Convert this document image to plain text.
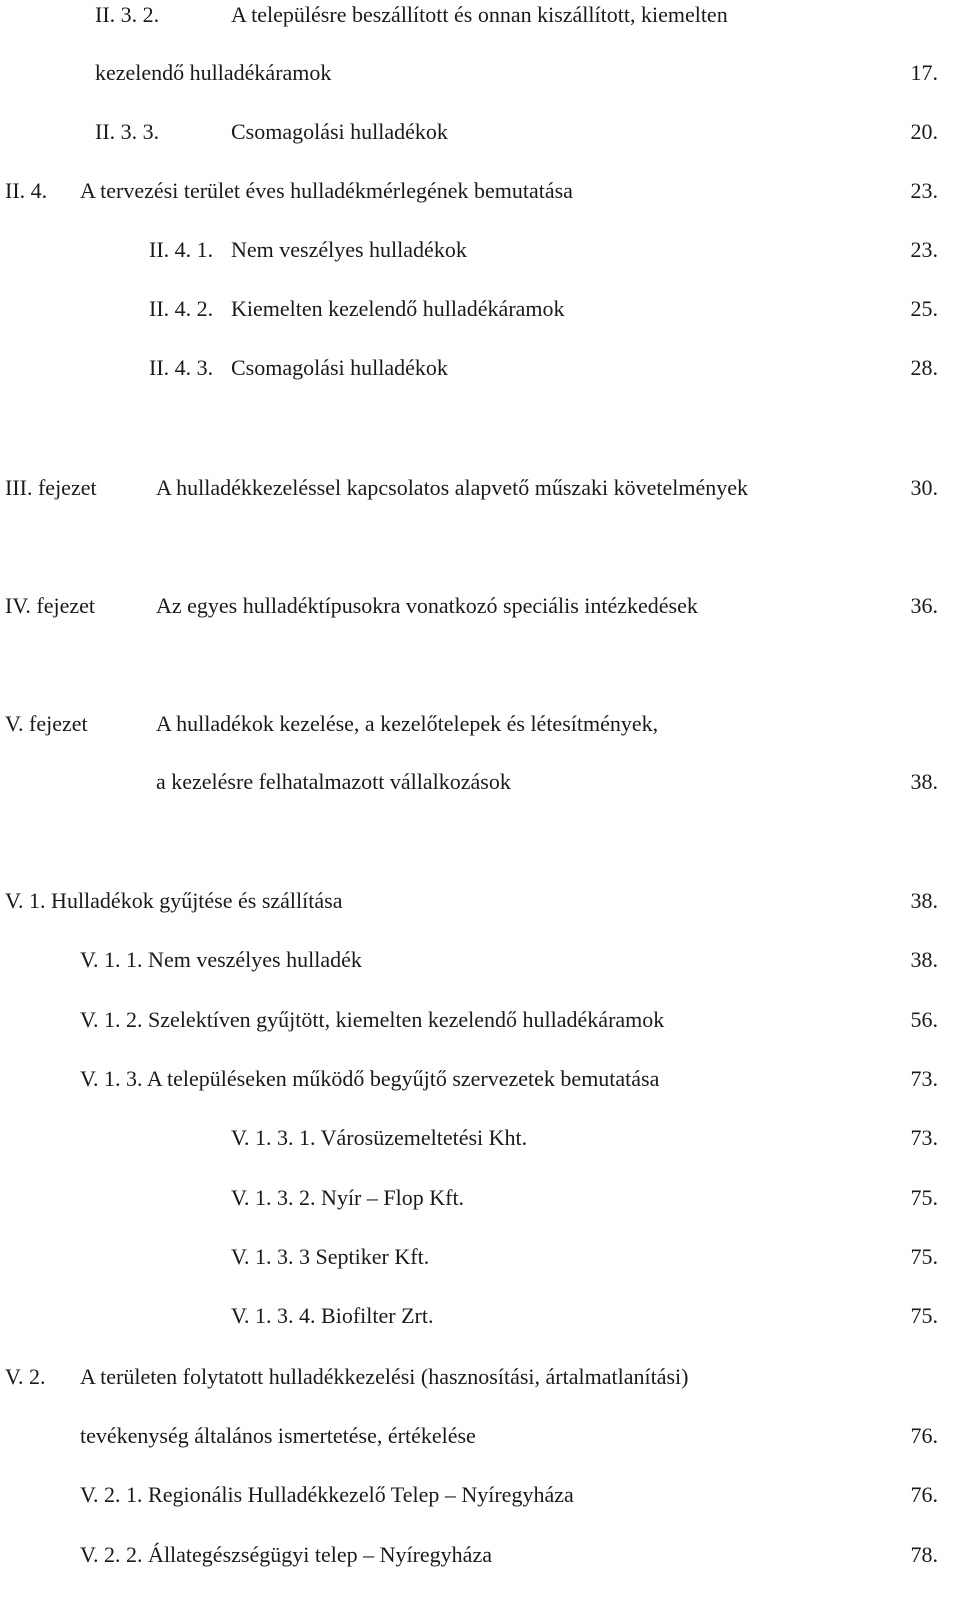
II. 3. 2.	A településre beszállított és onnan kiszállított, kiemelten
kezelendő hulladékáramok	17.
II. 3. 3.	Csomagolási hulladékok	20.
II. 4. A tervezési terület éves hulladékmérlegének bemutatása	23.
II. 4. 1. Nem veszélyes hulladékok	23.
II. 4. 2. Kiemelten kezelendő hulladékáramok	25.
II. 4. 3. Csomagolási hulladékok	28.
III. fejezet	A hulladékkezeléssel kapcsolatos alapvető műszaki követelmények	30.
IV. fejezet	Az egyes hulladéktípusokra vonatkozó speciális intézkedések	36.
V. fejezet	A hulladékok kezelése, a kezelőtelepek és létesítmények,
a kezelésre felhatalmazott vállalkozások	38.
V. 1. Hulladékok gyűjtése és szállítása	38.
V. 1. 1. Nem veszélyes hulladék	38.
V. 1. 2. Szelektíven gyűjtött, kiemelten kezelendő hulladékáramok	56.
V. 1. 3. A településeken működő begyűjtő szervezetek bemutatása	73.
V. 1. 3. 1. Városüzemeltetési Kht.	73.
V. 1. 3. 2. Nyír – Flop Kft.	75.
V. 1. 3. 3 Septiker Kft.	75.
V. 1. 3. 4. Biofilter Zrt.	75.
V. 2. A területen folytatott hulladékkezelési (hasznosítási, ártalmatlanítási)
tevékenység általános ismertetése, értékelése	76.
V. 2. 1. Regionális Hulladékkezelő Telep – Nyíregyháza	76.
V. 2. 2. Állategészségügyi telep – Nyíregyháza	78.
